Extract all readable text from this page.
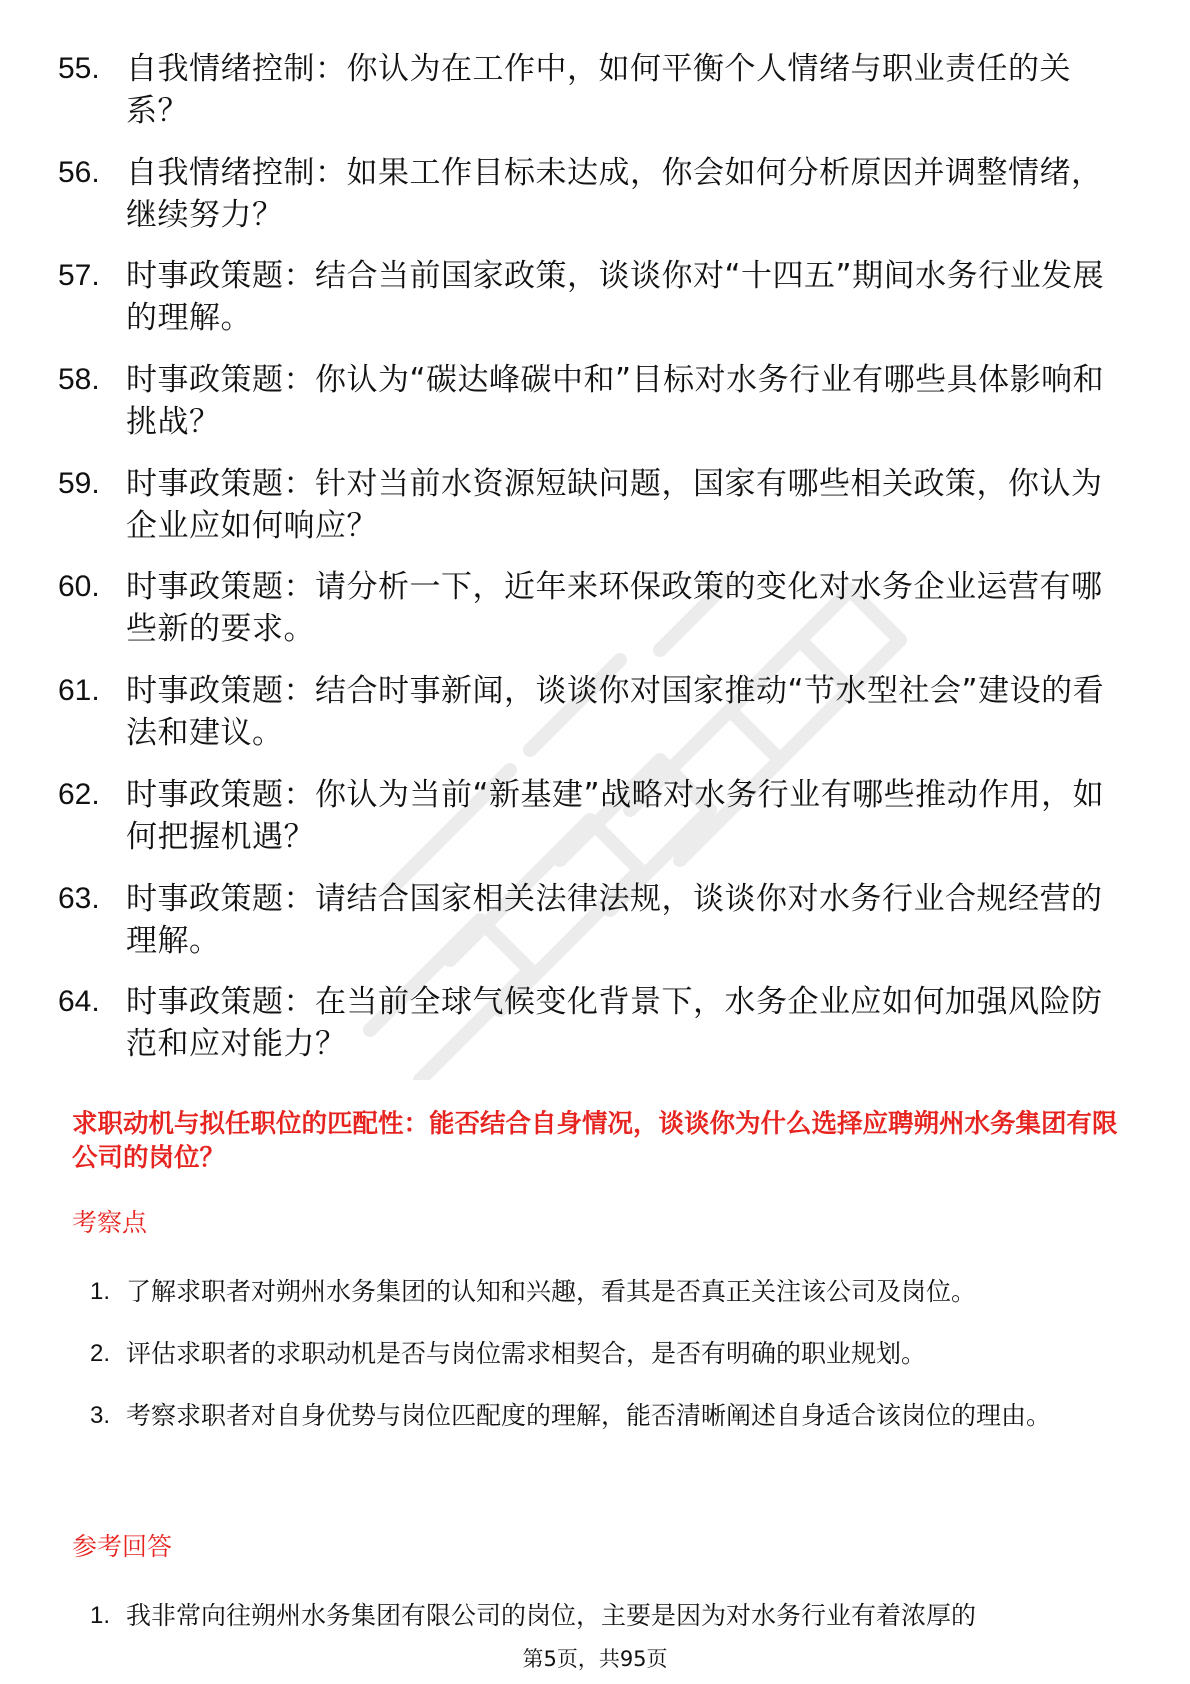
55. 自我情绪控制：你认为在工作中，如何平衡个人情绪与职业责任的关系？
56. 自我情绪控制：如果工作目标未达成，你会如何分析原因并调整情绪，继续努力？
57. 时事政策题：结合当前国家政策，谈谈你对“十四五”期间水务行业发展的理解。
58. 时事政策题：你认为“碳达峰碳中和”目标对水务行业有哪些具体影响和挑战？
59. 时事政策题：针对当前水资源短缺问题，国家有哪些相关政策，你认为企业应如何响应？
60. 时事政策题：请分析一下，近年来环保政策的变化对水务企业运营有哪些新的要求。
61. 时事政策题：结合时事新闻，谈谈你对国家推动“节水型社会”建设的看法和建议。
62. 时事政策题：你认为当前“新基建”战略对水务行业有哪些推动作用，如何把握机遇？
63. 时事政策题：请结合国家相关法律法规，谈谈你对水务行业合规经营的理解。
64. 时事政策题：在当前全球气候变化背景下，水务企业应如何加强风险防范和应对能力？
求职动机与拟任职位的匹配性：能否结合自身情况，谈谈你为什么选择应聘朔州水务集团有限公司的岗位？
考察点
1. 了解求职者对朔州水务集团的认知和兴趣，看其是否真正关注该公司及岗位。
2. 评估求职者的求职动机是否与岗位需求相契合，是否有明确的职业规划。
3. 考察求职者对自身优势与岗位匹配度的理解，能否清晰阐述自身适合该岗位的理由。
参考回答
1. 我非常向往朔州水务集团有限公司的岗位，主要是因为对水务行业有着浓厚的
第5页，共95页
